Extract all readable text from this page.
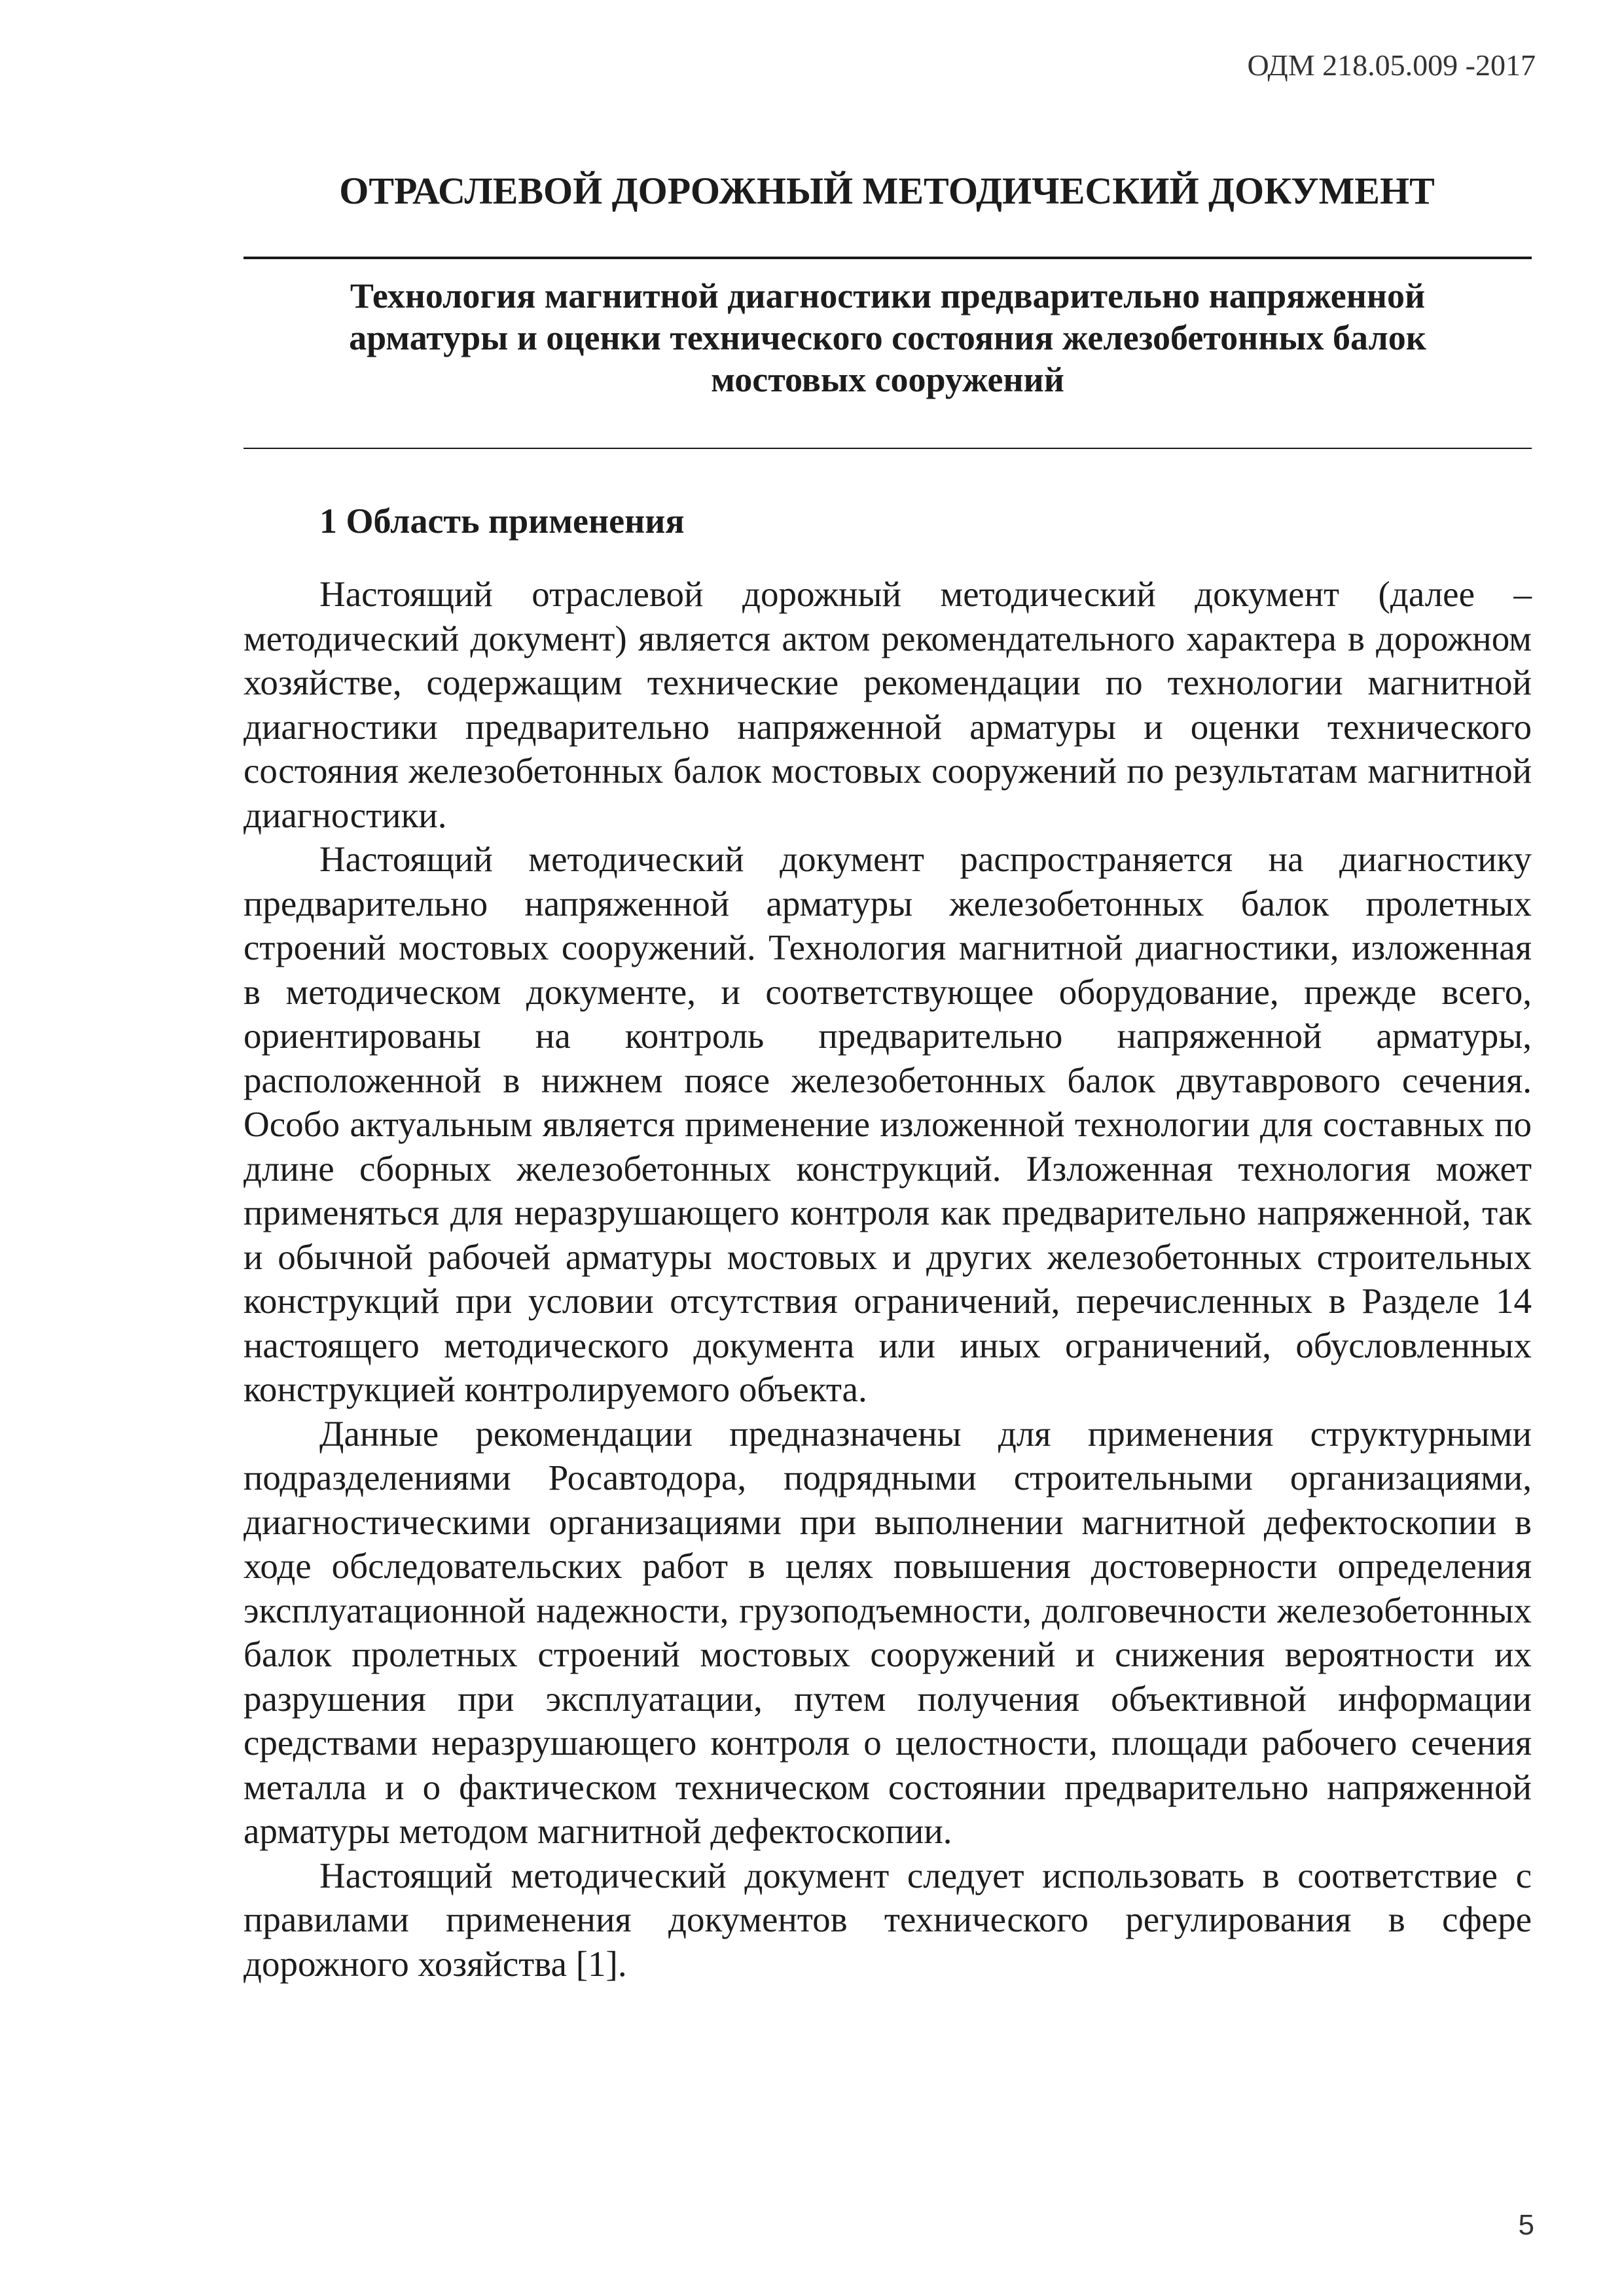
ОДМ 218.05.009 -2017
ОТРАСЛЕВОЙ ДОРОЖНЫЙ МЕТОДИЧЕСКИЙ ДОКУМЕНТ
Технология магнитной диагностики предварительно напряженной
арматуры и оценки технического состояния железобетонных балок
мостовых сооружений
1 Область применения

Настоящий отраслевой дорожный методический документ (далее – методический документ) является актом рекомендательного характера в дорожном хозяйстве, содержащим технические рекомендации по технологии магнитной диагностики предварительно напряженной арматуры и оценки технического состояния железобетонных балок мостовых сооружений по результатам магнитной диагностики.

Настоящий методический документ распространяется на диагностику предварительно напряженной арматуры железобетонных балок пролетных строений мостовых сооружений. Технология магнитной диагностики, изложенная в методическом документе, и соответствующее оборудование, прежде всего, ориентированы на контроль предварительно напряженной арматуры, расположенной в нижнем поясе железобетонных балок двутаврового сечения. Особо актуальным является применение изложенной технологии для составных по длине сборных железобетонных конструкций. Изложенная технология может применяться для неразрушающего контроля как предварительно напряженной, так и обычной рабочей арматуры мостовых и других железобетонных строительных конструкций при условии отсутствия ограничений, перечисленных в Разделе 14 настоящего методического документа или иных ограничений, обусловленных конструкцией контролируемого объекта.

Данные рекомендации предназначены для применения структурными подразделениями Росавтодора, подрядными строительными организациями, диагностическими организациями при выполнении магнитной дефектоскопии в ходе обследовательских работ в целях повышения достоверности определения эксплуатационной надежности, грузоподъемности, долговечности железобетонных балок пролетных строений мостовых сооружений и снижения вероятности их разрушения при эксплуатации, путем получения объективной информации средствами неразрушающего контроля о целостности, площади рабочего сечения металла и о фактическом техническом состоянии предварительно напряженной арматуры методом магнитной дефектоскопии.

Настоящий методический документ следует использовать в соответствие с правилами применения документов технического регулирования в сфере дорожного хозяйства [1].

5
